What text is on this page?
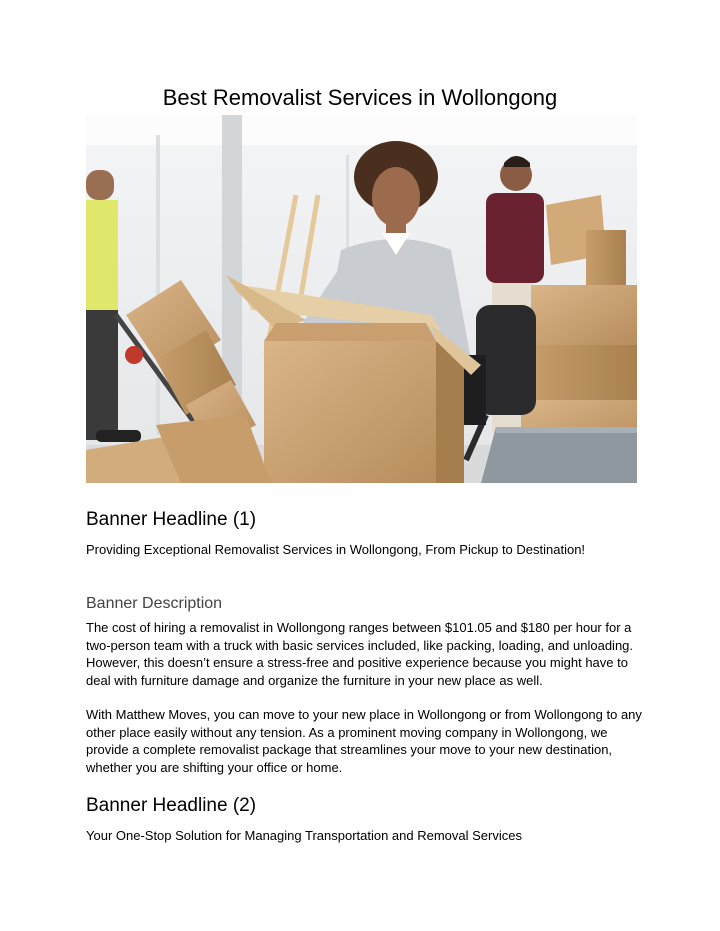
Best Removalist Services in Wollongong
Banner Headline (1)
Providing Exceptional Removalist Services in Wollongong, From Pickup to Destination!
Banner Description
The cost of hiring a removalist in Wollongong ranges between $101.05 and $180 per hour for a two-person team with a truck with basic services included, like packing, loading, and unloading. However, this doesn’t ensure a stress-free and positive experience because you might have to deal with furniture damage and organize the furniture in your new place as well.
With Matthew Moves, you can move to your new place in Wollongong or from Wollongong to any other place easily without any tension. As a prominent moving company in Wollongong, we provide a complete removalist package that streamlines your move to your new destination, whether you are shifting your office or home.
Banner Headline (2)
Your One-Stop Solution for Managing Transportation and Removal Services
